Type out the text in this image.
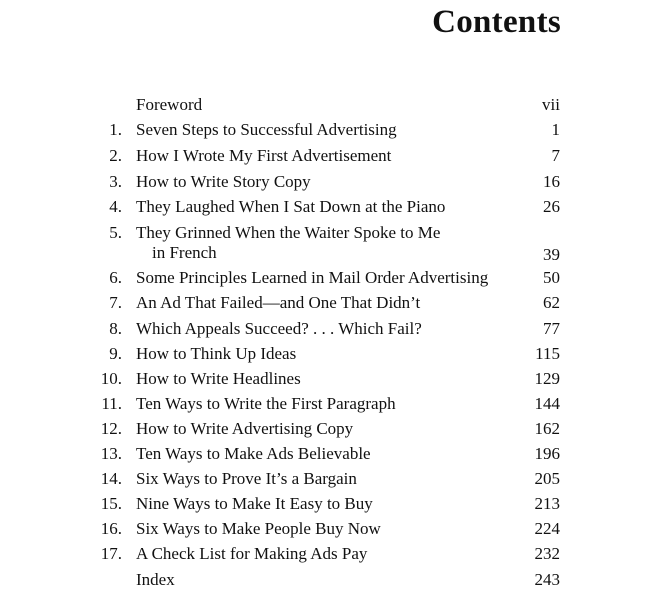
Contents
Foreword	vii
1. Seven Steps to Successful Advertising	1
2. How I Wrote My First Advertisement	7
3. How to Write Story Copy	16
4. They Laughed When I Sat Down at the Piano	26
5. They Grinned When the Waiter Spoke to Me
in French	39
6. Some Principles Learned in Mail Order Advertising	50
7. An Ad That Failed—and One That Didn’t	62
8. Which Appeals Succeed? . . . Which Fail?	77
9. How to Think Up Ideas	115
10. How to Write Headlines	129
11. Ten Ways to Write the First Paragraph	144
12. How to Write Advertising Copy	162
13. Ten Ways to Make Ads Believable	196
14. Six Ways to Prove It’s a Bargain	205
15. Nine Ways to Make It Easy to Buy	213
16. Six Ways to Make People Buy Now	224
17. A Check List for Making Ads Pay	232
Index	243
